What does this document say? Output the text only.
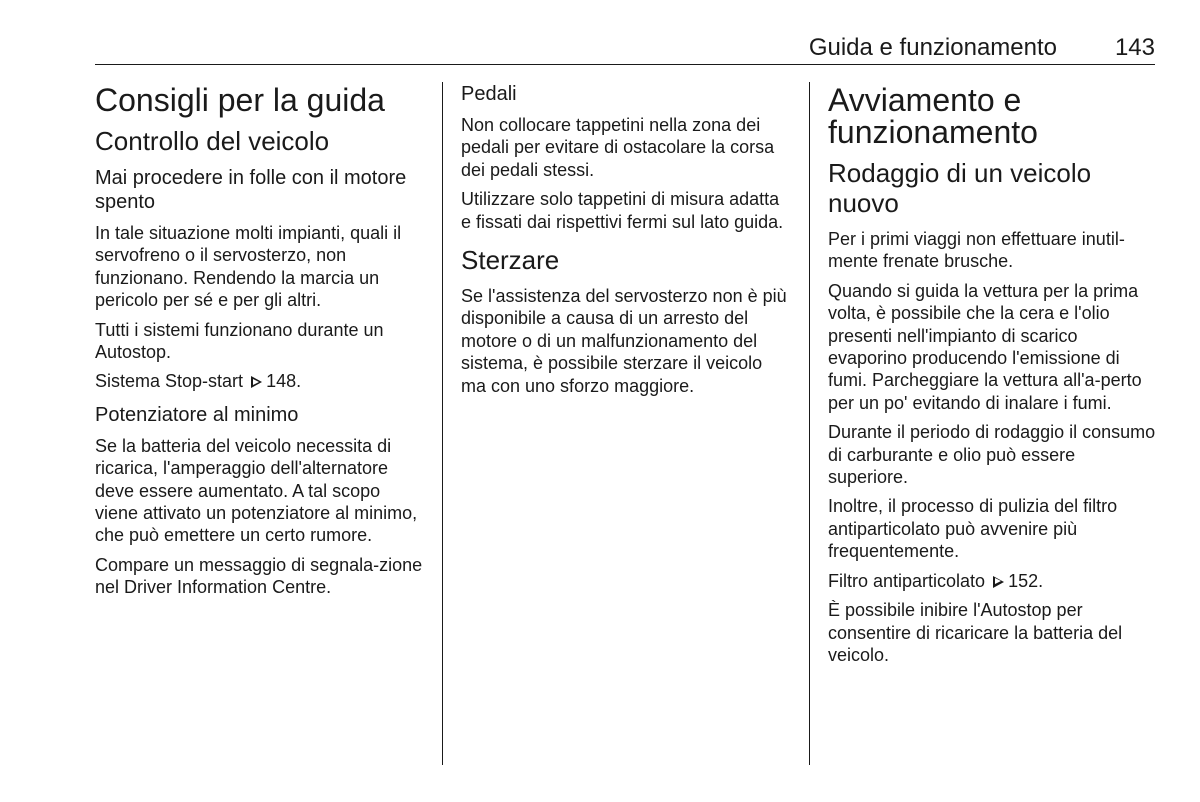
Guida e funzionamento 143
Consigli per la guida
Controllo del veicolo
Mai procedere in folle con il motore spento

In tale situazione molti impianti, quali il servofreno o il servosterzo, non funzionano. Rendendo la marcia un pericolo per sé e per gli altri.

Tutti i sistemi funzionano durante un Autostop.

Sistema Stop-start 148.

Potenziatore al minimo

Se la batteria del veicolo necessita di ricarica, l'amperaggio dell'alternatore deve essere aumentato. A tal scopo viene attivato un potenziatore al minimo, che può emettere un certo rumore.

Compare un messaggio di segnala-zione nel Driver Information Centre.

Pedali

Non collocare tappetini nella zona dei pedali per evitare di ostacolare la corsa dei pedali stessi.

Utilizzare solo tappetini di misura adatta e fissati dai rispettivi fermi sul lato guida.

Sterzare

Se l'assistenza del servosterzo non è più disponibile a causa di un arresto del motore o di un malfunzionamento del sistema, è possibile sterzare il veicolo ma con uno sforzo maggiore.

Avviamento e funzionamento
Rodaggio di un veicolo nuovo

Per i primi viaggi non effettuare inutil-mente frenate brusche.

Quando si guida la vettura per la prima volta, è possibile che la cera e l'olio presenti nell'impianto di scarico evaporino producendo l'emissione di fumi. Parcheggiare la vettura all'a-perto per un po' evitando di inalare i fumi.

Durante il periodo di rodaggio il consumo di carburante e olio può essere superiore.

Inoltre, il processo di pulizia del filtro antiparticolato può avvenire più frequentemente.

Filtro antiparticolato 152.

È possibile inibire l'Autostop per consentire di ricaricare la batteria del veicolo.
